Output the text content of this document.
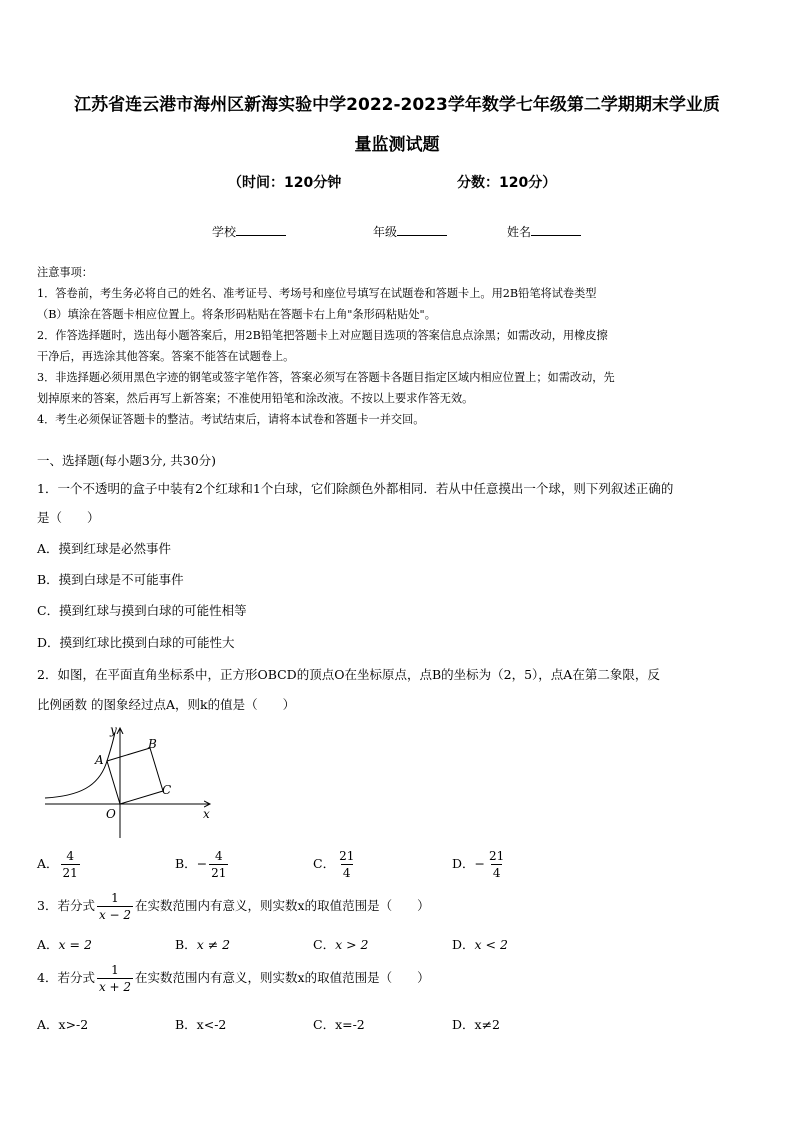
江苏省连云港市海州区新海实验中学2022-2023学年数学七年级第二学期期末学业质
量监测试题
（时间：120分钟	分数：120分）
学校	年级	姓名
注意事项：
1．答卷前，考生务必将自己的姓名、准考证号、考场号和座位号填写在试题卷和答题卡上。用2B铅笔将试卷类型
（B）填涂在答题卡相应位置上。将条形码粘贴在答题卡右上角"条形码粘贴处"。
2．作答选择题时，选出每小题答案后，用2B铅笔把答题卡上对应题目选项的答案信息点涂黑；如需改动，用橡皮擦
干净后，再选涂其他答案。答案不能答在试题卷上。
3．非选择题必须用黑色字迹的钢笔或签字笔作答，答案必须写在答题卡各题目指定区域内相应位置上；如需改动，先
划掉原来的答案，然后再写上新答案；不准使用铅笔和涂改液。不按以上要求作答无效。
4．考生必须保证答题卡的整洁。考试结束后，请将本试卷和答题卡一并交回。
一、选择题(每小题3分, 共30分)
1．一个不透明的盒子中装有2个红球和1个白球，它们除颜色外都相同．若从中任意摸出一个球，则下列叙述正确的
是（　　）
A．摸到红球是必然事件
B．摸到白球是不可能事件
C．摸到红球与摸到白球的可能性相等
D．摸到红球比摸到白球的可能性大
2．如图，在平面直角坐标系中，正方形OBCD的顶点O在坐标原点，点B的坐标为（2，5），点A在第二象限，反
比例函数 的图象经过点A，则k的值是（　　）
y
x
O
A
B
C
A． $\frac{4}{21}$	B．− $\frac{4}{21}$	C． $\frac{21}{4}$	D．− $\frac{21}{4}$
3．若分式 $\frac{1}{x - 2}$ 在实数范围内有意义，则实数x的取值范围是（　　）
A．x = 2	B．x ≠ 2	C．x > 2	D．x < 2
4．若分式 $\frac{1}{x + 2}$ 在实数范围内有意义，则实数x的取值范围是（　　）
A．x>-2	B．x<-2	C．x=-2	D．x≠2
